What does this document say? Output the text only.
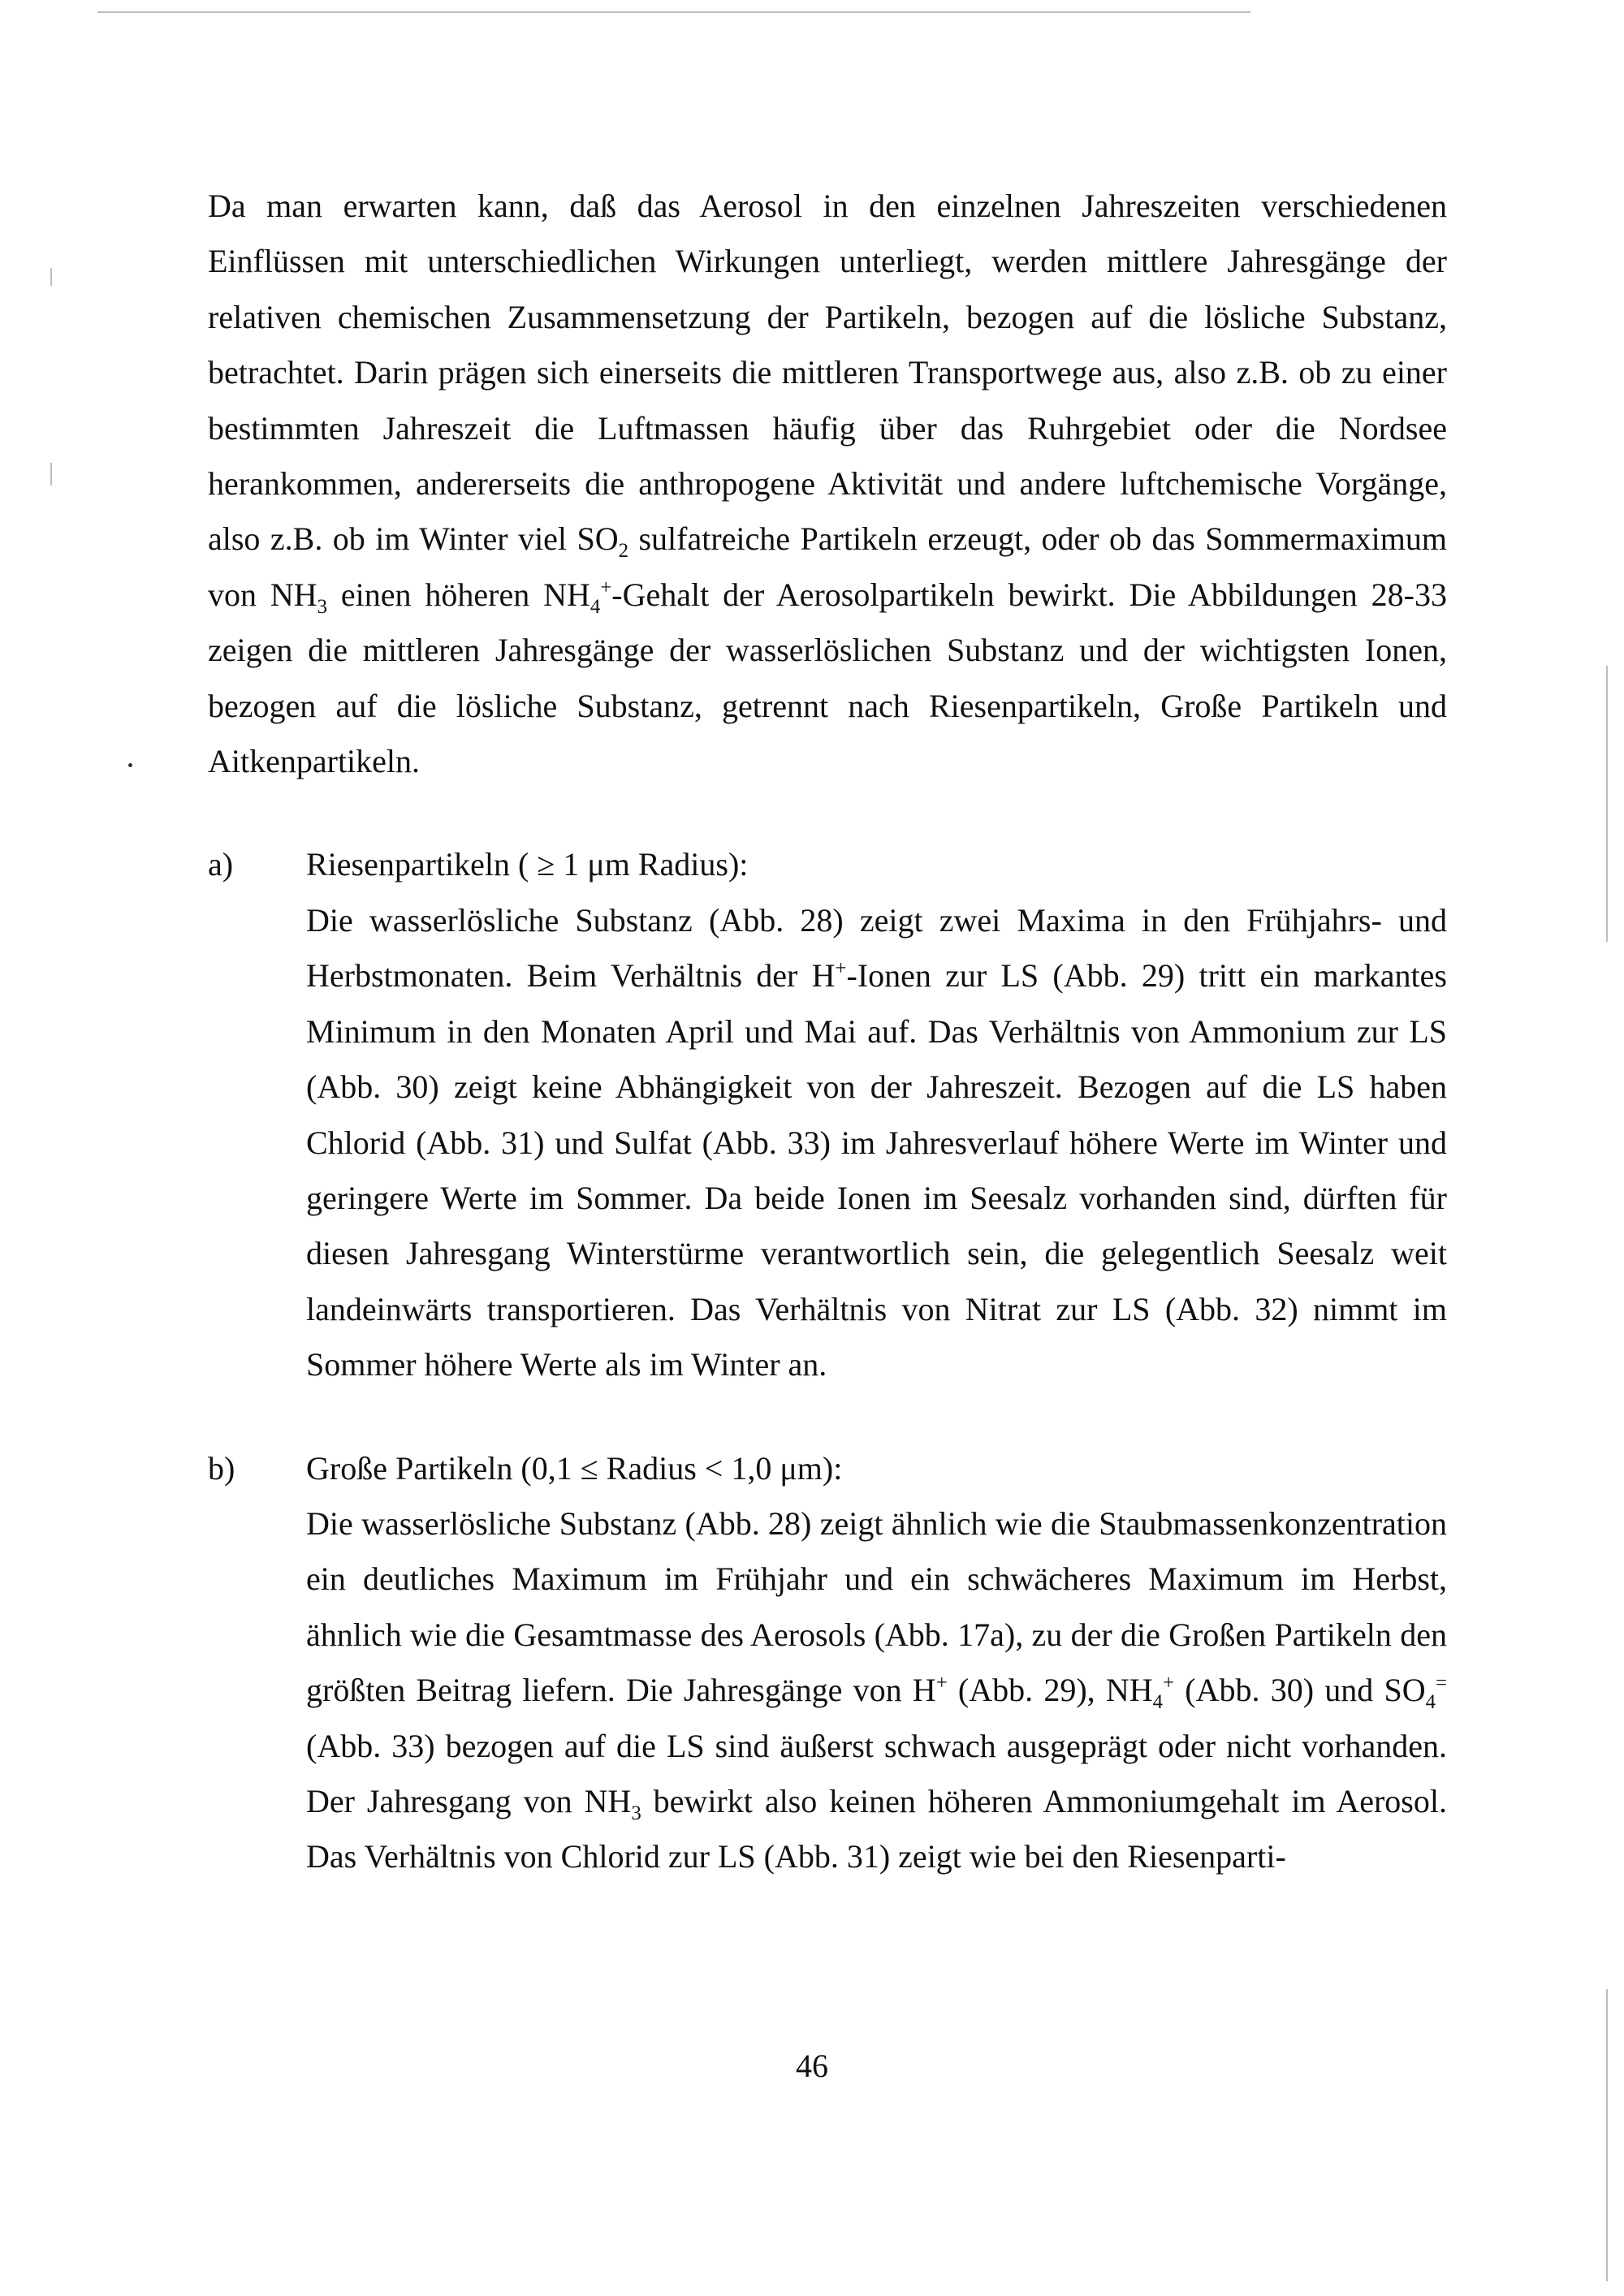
Da man erwarten kann, daß das Aerosol in den einzelnen Jahreszeiten verschiedenen Einflüssen mit unterschiedlichen Wirkungen unterliegt, werden mittlere Jahresgänge der relativen chemischen Zusammensetzung der Partikeln, bezogen auf die lösliche Substanz, betrachtet. Darin prägen sich einerseits die mittleren Transportwege aus, also z.B. ob zu einer bestimmten Jahreszeit die Luftmassen häufig über das Ruhrgebiet oder die Nordsee herankommen, andererseits die anthropogene Aktivität und andere luftchemische Vorgänge, also z.B. ob im Winter viel $SO_2$ sulfatreiche Partikeln erzeugt, oder ob das Sommermaximum von $NH_3$ einen höheren $NH_4^+$-Gehalt der Aerosolpartikeln bewirkt. Die Abbildungen 28-33 zeigen die mittleren Jahresgänge der wasserlöslichen Substanz und der wichtigsten Ionen, bezogen auf die lösliche Substanz, getrennt nach Riesenpartikeln, Große Partikeln und Aitkenpartikeln.

a) Riesenpartikeln ( ≥ 1 μm Radius):

Die wasserlösliche Substanz (Abb. 28) zeigt zwei Maxima in den Frühjahrs- und Herbstmonaten. Beim Verhältnis der H+-Ionen zur LS (Abb. 29) tritt ein markantes Minimum in den Monaten April und Mai auf. Das Verhältnis von Ammonium zur LS (Abb. 30) zeigt keine Abhängigkeit von der Jahreszeit. Bezogen auf die LS haben Chlorid (Abb. 31) und Sulfat (Abb. 33) im Jahresverlauf höhere Werte im Winter und geringere Werte im Sommer. Da beide Ionen im Seesalz vorhanden sind, dürften für diesen Jahresgang Winterstürme verantwortlich sein, die gelegentlich Seesalz weit landeinwärts transportieren. Das Verhältnis von Nitrat zur LS (Abb. 32) nimmt im Sommer höhere Werte als im Winter an.

b) Große Partikeln (0,1 ≤ Radius < 1,0 μm):

Die wasserlösliche Substanz (Abb. 28) zeigt ähnlich wie die Staubmassenkonzentration ein deutliches Maximum im Frühjahr und ein schwächeres Maximum im Herbst, ähnlich wie die Gesamtmasse des Aerosols (Abb. 17a), zu der die Großen Partikeln den größten Beitrag liefern. Die Jahresgänge von H+ (Abb. 29), $NH_4^+$ (Abb. 30) und $SO_4^=$ (Abb. 33) bezogen auf die LS sind äußerst schwach ausgeprägt oder nicht vorhanden. Der Jahresgang von $NH_3$ bewirkt also keinen höheren Ammoniumgehalt im Aerosol. Das Verhältnis von Chlorid zur LS (Abb. 31) zeigt wie bei den Riesenparti-

46
